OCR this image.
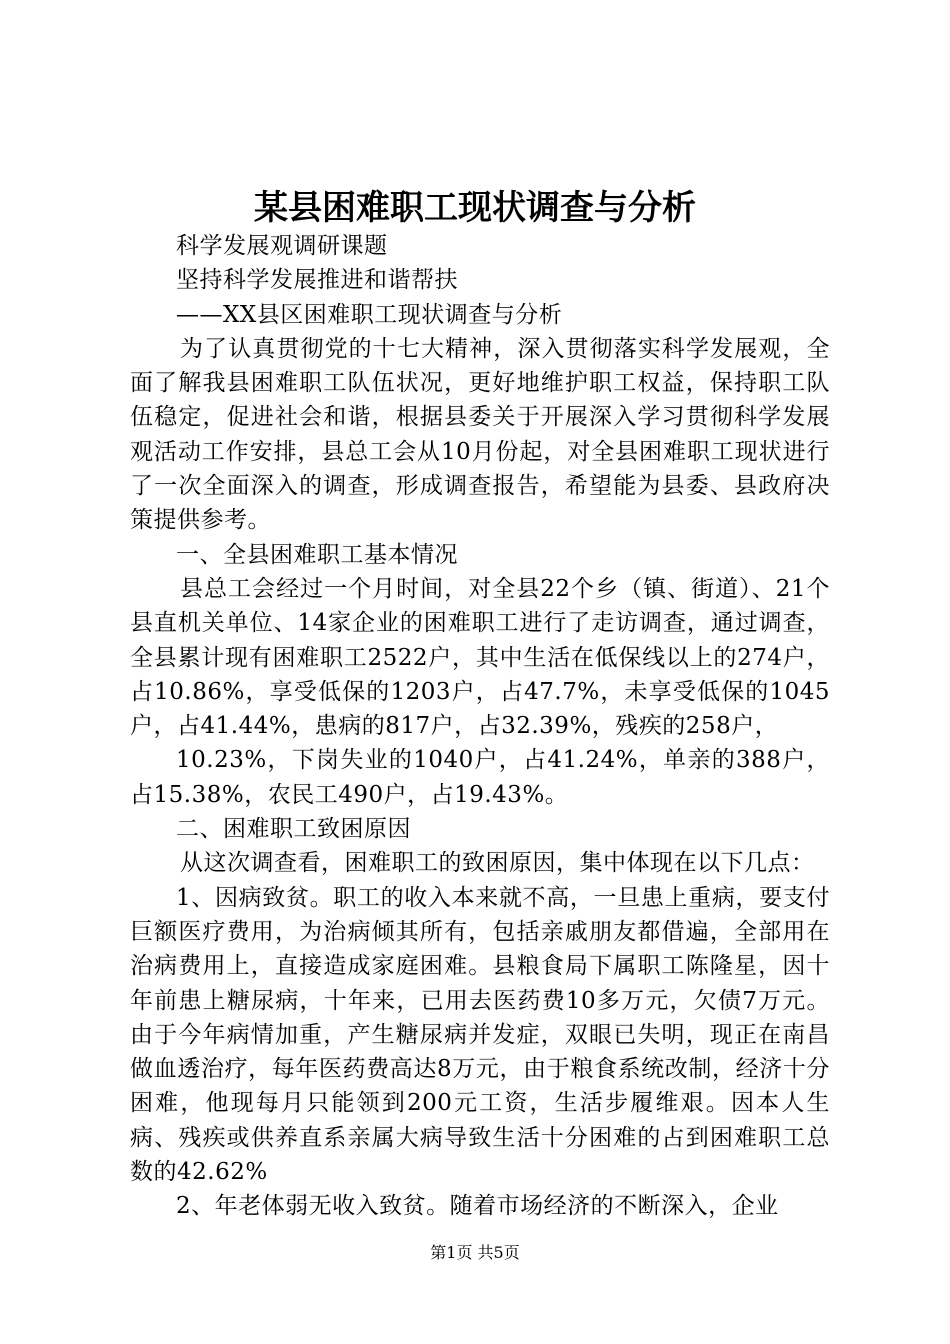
某县困难职工现状调查与分析

科学发展观调研课题

坚持科学发展推进和谐帮扶

——XX县区困难职工现状调查与分析

为了认真贯彻党的十七大精神，深入贯彻落实科学发展观，全面了解我县困难职工队伍状况，更好地维护职工权益，保持职工队伍稳定，促进社会和谐，根据县委关于开展深入学习贯彻科学发展观活动工作安排，县总工会从10月份起，对全县困难职工现状进行了一次全面深入的调查，形成调查报告，希望能为县委、县政府决策提供参考。

一、全县困难职工基本情况

县总工会经过一个月时间，对全县22个乡（镇、街道）、21个县直机关单位、14家企业的困难职工进行了走访调查，通过调查，全县累计现有困难职工2522户，其中生活在低保线以上的274户，占10.86%，享受低保的1203户，占47.7%，未享受低保的1045户，占41.44%，患病的817户，占32.39%，残疾的258户，

10.23%，下岗失业的1040户，占41.24%，单亲的388户，占15.38%，农民工490户，占19.43%。

二、困难职工致困原因

从这次调查看，困难职工的致困原因，集中体现在以下几点：

1、因病致贫。职工的收入本来就不高，一旦患上重病，要支付巨额医疗费用，为治病倾其所有，包括亲戚朋友都借遍，全部用在治病费用上，直接造成家庭困难。县粮食局下属职工陈隆星，因十年前患上糖尿病，十年来，已用去医药费10多万元，欠债7万元。由于今年病情加重，产生糖尿病并发症，双眼已失明，现正在南昌做血透治疗，每年医药费高达8万元，由于粮食系统改制，经济十分困难，他现每月只能领到200元工资，生活步履维艰。因本人生病、残疾或供养直系亲属大病导致生活十分困难的占到困难职工总数的42.62%

2、年老体弱无收入致贫。随着市场经济的不断深入，企业

第1页 共5页
